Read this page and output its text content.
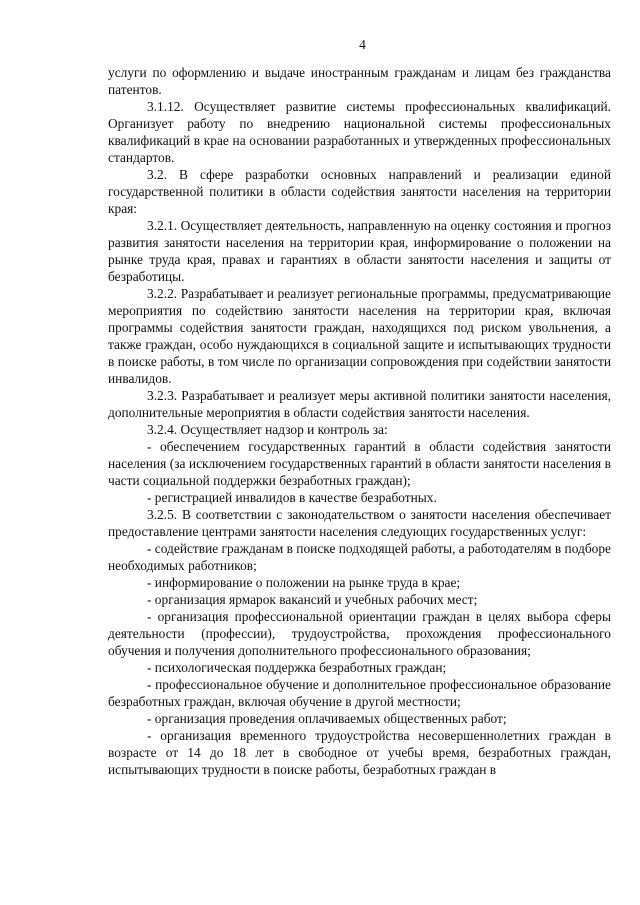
4

услуги по оформлению и выдаче иностранным гражданам и лицам без гражданства патентов.

3.1.12. Осуществляет развитие системы профессиональных квалификаций. Организует работу по внедрению национальной системы профессиональных квалификаций в крае на основании разработанных и утвержденных профессиональных стандартов.

3.2. В сфере разработки основных направлений и реализации единой государственной политики в области содействия занятости населения на территории края:

3.2.1. Осуществляет деятельность, направленную на оценку состояния и прогноз развития занятости населения на территории края, информирование о положении на рынке труда края, правах и гарантиях в области занятости населения и защиты от безработицы.

3.2.2. Разрабатывает и реализует региональные программы, предусматривающие мероприятия по содействию занятости населения на территории края, включая программы содействия занятости граждан, находящихся под риском увольнения, а также граждан, особо нуждающихся в социальной защите и испытывающих трудности в поиске работы, в том числе по организации сопровождения при содействии занятости инвалидов.

3.2.3. Разрабатывает и реализует меры активной политики занятости населения, дополнительные мероприятия в области содействия занятости населения.

3.2.4. Осуществляет надзор и контроль за:

- обеспечением государственных гарантий в области содействия занятости населения (за исключением государственных гарантий в области занятости населения в части социальной поддержки безработных граждан);

- регистрацией инвалидов в качестве безработных.

3.2.5. В соответствии с законодательством о занятости населения обеспечивает предоставление центрами занятости населения следующих государственных услуг:

- содействие гражданам в поиске подходящей работы, а работодателям в подборе необходимых работников;

- информирование о положении на рынке труда в крае;

- организация ярмарок вакансий и учебных рабочих мест;

- организация профессиональной ориентации граждан в целях выбора сферы деятельности (профессии), трудоустройства, прохождения профессионального обучения и получения дополнительного профессионального образования;

- психологическая поддержка безработных граждан;

- профессиональное обучение и дополнительное профессиональное образование безработных граждан, включая обучение в другой местности;

- организация проведения оплачиваемых общественных работ;

- организация временного трудоустройства несовершеннолетних граждан в возрасте от 14 до 18 лет в свободное от учебы время, безработных граждан, испытывающих трудности в поиске работы, безработных граждан в
